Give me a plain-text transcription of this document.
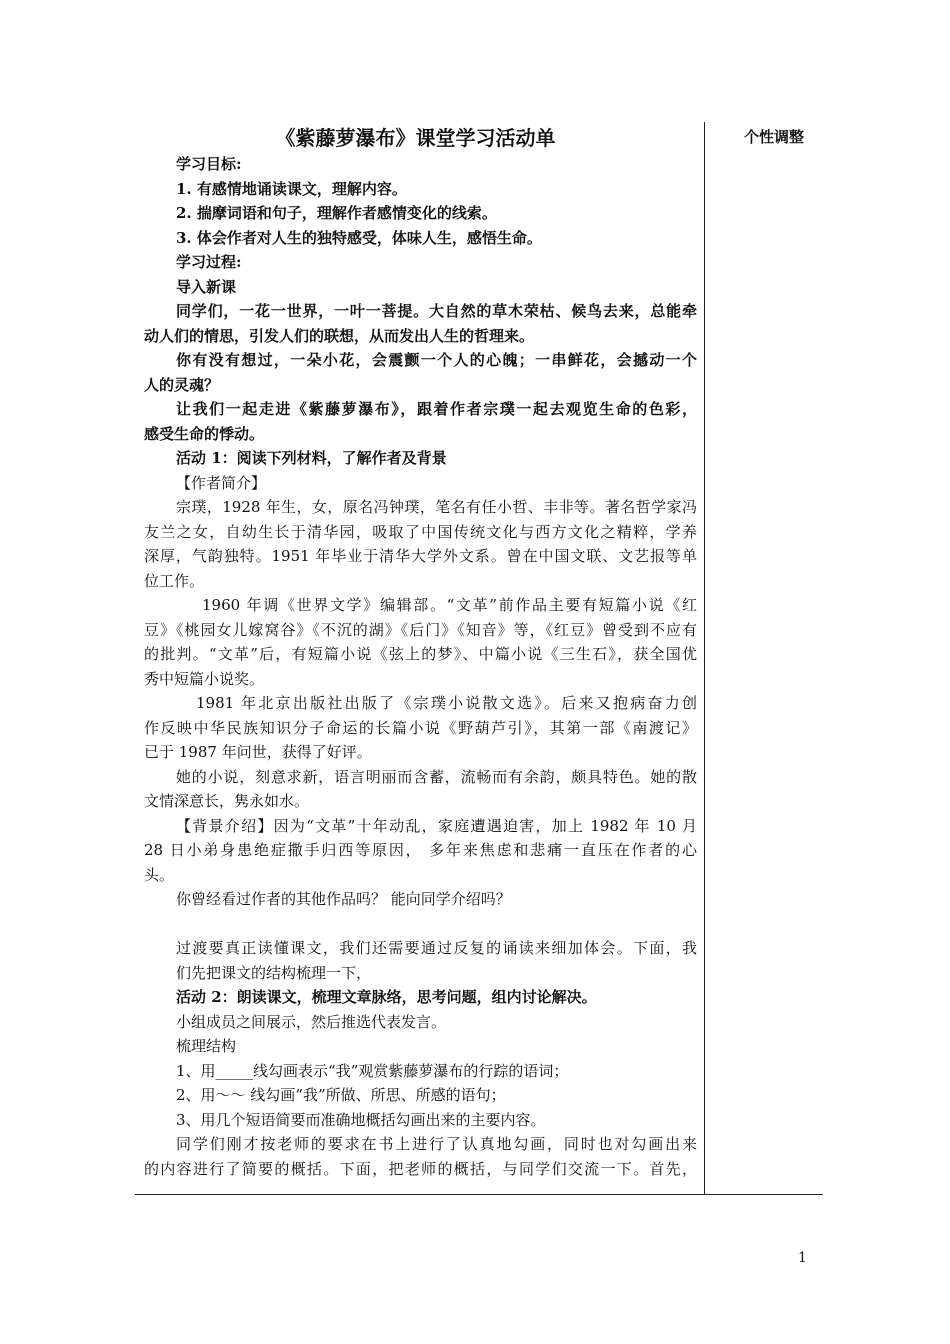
个性调整
《紫藤萝瀑布》课堂学习活动单
学习目标:
1. 有感情地诵读课文，理解内容。
2. 揣摩词语和句子，理解作者感情变化的线索。
3. 体会作者对人生的独特感受，体味人生，感悟生命。
学习过程:
导入新课
同学们，一花一世界，一叶一菩提。大自然的草木荣枯、候鸟去来，总能牵
动人们的情思，引发人们的联想，从而发出人生的哲理来。
你有没有想过，一朵小花，会震颤一个人的心魄；一串鲜花，会撼动一个
人的灵魂？
让我们一起走进《紫藤萝瀑布》，跟着作者宗璞一起去观览生命的色彩，
感受生命的悸动。
活动 1：阅读下列材料，了解作者及背景
【作者简介】
宗璞，1928 年生，女，原名冯钟璞，笔名有任小哲、丰非等。著名哲学家冯
友兰之女，自幼生长于清华园，吸取了中国传统文化与西方文化之精粹，学养
深厚，气韵独特。1951 年毕业于清华大学外文系。曾在中国文联、文艺报等单
位工作。
1960 年调《世界文学》编辑部。“文革”前作品主要有短篇小说《红
豆》《桃园女儿嫁窝谷》《不沉的湖》《后门》《知音》等，《红豆》曾受到不应有
的批判。“文革”后，有短篇小说《弦上的梦》、中篇小说《三生石》，获全国优
秀中短篇小说奖。
1981 年北京出版社出版了《宗璞小说散文选》。后来又抱病奋力创
作反映中华民族知识分子命运的长篇小说《野葫芦引》，其第一部《南渡记》
已于 1987 年问世，获得了好评。
她的小说，刻意求新，语言明丽而含蓄，流畅而有余韵，颇具特色。她的散
文情深意长，隽永如水。
【背景介绍】因为“文革”十年动乱，家庭遭遇迫害，加上 1982 年 10 月
28 日小弟身患绝症撒手归西等原因， 多年来焦虑和悲痛一直压在作者的心
头。
你曾经看过作者的其他作品吗？ 能向同学介绍吗？
过渡要真正读懂课文，我们还需要通过反复的诵读来细加体会。下面，我
们先把课文的结构梳理一下，
活动 2：朗读课文，梳理文章脉络，思考问题，组内讨论解决。
小组成员之间展示，然后推选代表发言。
梳理结构
1、用_____线勾画表示“我”观赏紫藤萝瀑布的行踪的语词；
2、用～～ 线勾画“我”所做、所思、所感的语句；
3、用几个短语简要而准确地概括勾画出来的主要内容。
同学们刚才按老师的要求在书上进行了认真地勾画，同时也对勾画出来
的内容进行了简要的概括。下面，把老师的概括，与同学们交流一下。首先，
1
